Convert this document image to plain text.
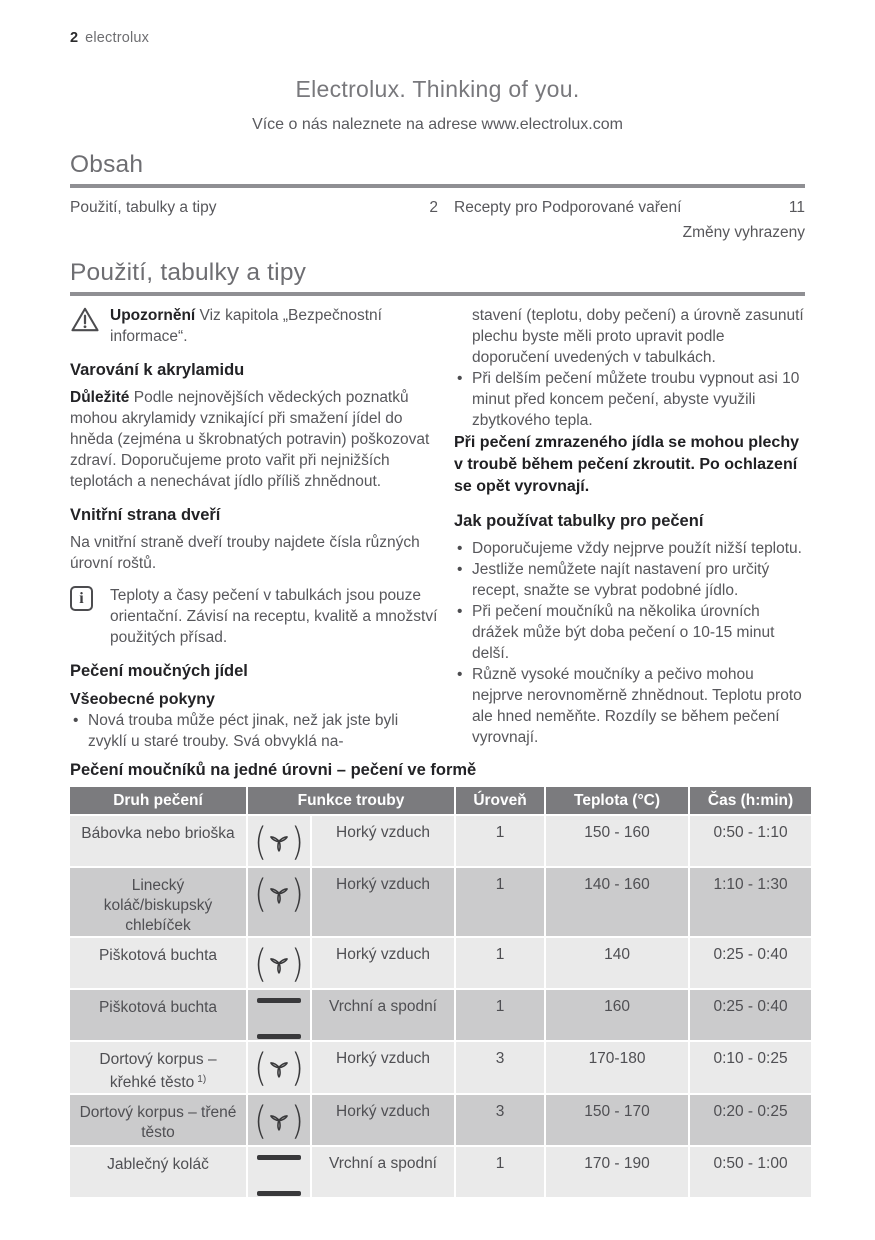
2 electrolux
Electrolux. Thinking of you.
Více o nás naleznete na adrese www.electrolux.com
Obsah
Použití, tabulky a tipy	2 Recepty pro Podporované vaření	11
Změny vyhrazeny
Použití, tabulky a tipy

Upozornění Viz kapitola „Bezpečnostní informace“.

Varování k akrylamidu

Důležité Podle nejnovějších vědeckých poznatků mohou akrylamidy vznikající při smažení jídel do hněda (zejména u škrobnatých potravin) poškozovat zdraví. Doporučujeme proto vařit při nejnižších teplotách a nenechávat jídlo příliš zhnědnout.

Vnitřní strana dveří

Na vnitřní straně dveří trouby najdete čísla různých úrovní roštů.

i	Teploty a časy pečení v tabulkách jsou pouze orientační. Závisí na receptu, kvalitě a množství použitých přísad.

Pečení moučných jídel
Všeobecné pokyny
• Nová trouba může péct jinak, než jak jste byli zvyklí u staré trouby. Svá obvyklá na-

stavení (teplotu, doby pečení) a úrovně zasunutí plechu byste měli proto upravit podle doporučení uvedených v tabulkách.

• Při delším pečení můžete troubu vypnout asi 10 minut před koncem pečení, abyste využili zbytkového tepla.

Při pečení zmrazeného jídla se mohou plechy v troubě během pečení zkroutit. Po ochlazení se opět vyrovnají.

Jak používat tabulky pro pečení
• Doporučujeme vždy nejprve použít nižší teplotu.
• Jestliže nemůžete najít nastavení pro určitý recept, snažte se vybrat podobné jídlo.
• Při pečení moučníků na několika úrovních drážek může být doba pečení o 10-15 minut delší.
• Různě vysoké moučníky a pečivo mohou nejprve nerovnoměrně zhnědnout. Teplotu proto ale hned neměňte. Rozdíly se během pečení vyrovnají.
Pečení moučníků na jedné úrovni – pečení ve formě
Druh pečení	Funkce trouby		Úroveň	Teplota (°C)	Čas (h:min)
Bábovka nebo brioška	( )	Horký vzduch	1	150 - 160	0:50 - 1:10
Linecký koláč/biskupský chlebíček	( )	Horký vzduch	1	140 - 160	1:10 - 1:30
Piškotová buchta	( )	Horký vzduch	1	140	0:25 - 0:40
Piškotová buchta		Vrchní a spodní	1	160	0:25 - 0:40
Dortový korpus – křehké těsto $^{1)}$	( )	Horký vzduch	3	170-180	0:10 - 0:25
Dortový korpus – třené těsto	( )	Horký vzduch	3	150 - 170	0:20 - 0:25
Jablečný koláč		Vrchní a spodní	1	170 - 190	0:50 - 1:00
